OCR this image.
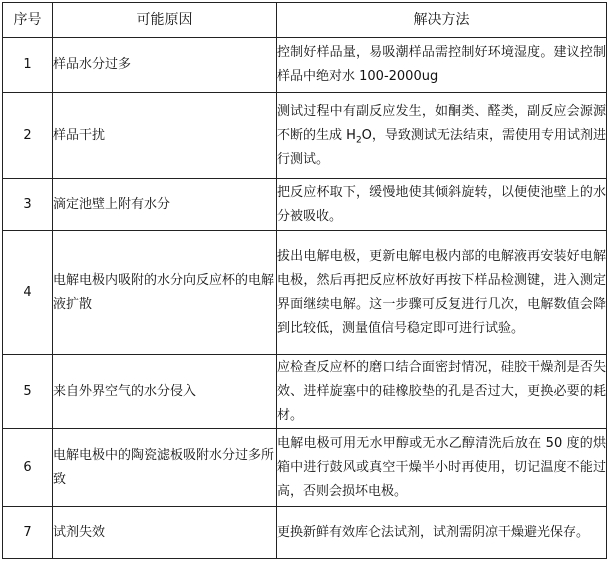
序号	可能原因	解决方法
1	样品水分过多	控制好样品量，易吸潮样品需控制好环境湿度。建议控制样品中绝对水 100-2000ug
2	样品干扰	测试过程中有副反应发生，如酮类、醛类，副反应会源源不断的生成 $H_2O$，导致测试无法结束，需使用专用试剂进行测试。
3	滴定池壁上附有水分	把反应杯取下，缓慢地使其倾斜旋转，以便使池壁上的水分被吸收。
4	电解电极内吸附的水分向反应杯的电解液扩散	拔出电解电极，更新电解电极内部的电解液再安装好电解电极，然后再把反应杯放好再按下样品检测键，进入测定界面继续电解。这一步骤可反复进行几次，电解数值会降到比较低，测量值信号稳定即可进行试验。
5	来自外界空气的水分侵入	应检查反应杯的磨口结合面密封情况，硅胶干燥剂是否失效、进样旋塞中的硅橡胶垫的孔是否过大，更换必要的耗材。
6	电解电极中的陶瓷滤板吸附水分过多所致	电解电极可用无水甲醇或无水乙醇清洗后放在 50 度的烘箱中进行鼓风或真空干燥半小时再使用，切记温度不能过高，否则会损坏电极。
7	试剂失效	更换新鲜有效库仑法试剂，试剂需阴凉干燥避光保存。
